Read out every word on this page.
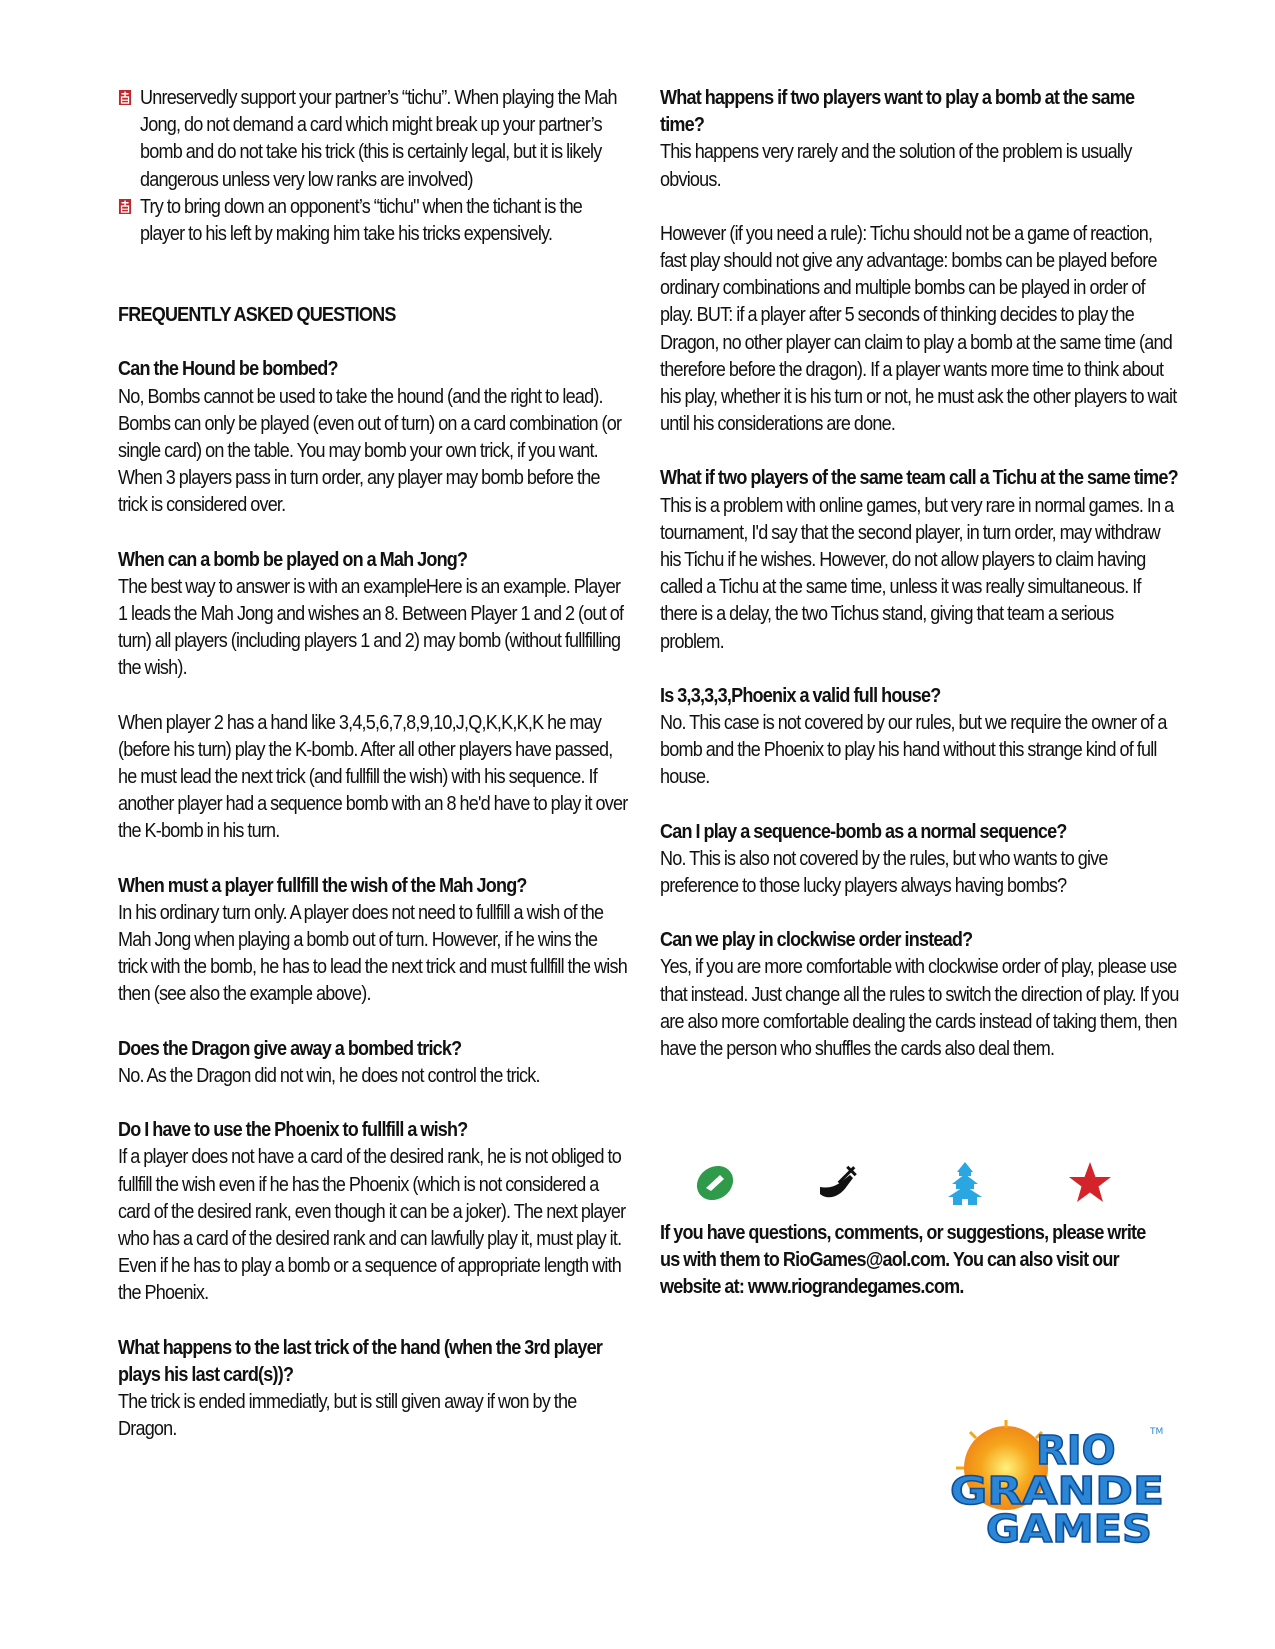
Unreservedly support your partner’s “tichu”. When playing the Mah Jong, do not demand a card which might break up your partner’s bomb and do not take his trick (this is certainly legal, but it is likely dangerous unless very low ranks are involved)

Try to bring down an opponent’s “tichu" when the tichant is the player to his left by making him take his tricks expensively.

FREQUENTLY ASKED QUESTIONS

Can the Hound be bombed?

No, Bombs cannot be used to take the hound (and the right to lead). Bombs can only be played (even out of turn) on a card combination (or single card) on the table. You may bomb your own trick, if you want. When 3 players pass in turn order, any player may bomb before the trick is considered over.

When can a bomb be played on a Mah Jong?

The best way to answer is with an exampleHere is an example. Player 1 leads the Mah Jong and wishes an 8. Between Player 1 and 2 (out of turn) all players (including players 1 and 2) may bomb (without fullfilling the wish).

When player 2 has a hand like 3,4,5,6,7,8,9,10,J,Q,K,K,K,K he may (before his turn) play the K-bomb. After all other players have passed, he must lead the next trick (and fullfill the wish) with his sequence. If another player had a sequence bomb with an 8 he'd have to play it over the K-bomb in his turn.

When must a player fullfill the wish of the Mah Jong?

In his ordinary turn only. A player does not need to fullfill a wish of the Mah Jong when playing a bomb out of turn. However, if he wins the trick with the bomb, he has to lead the next trick and must fullfill the wish then (see also the example above).

Does the Dragon give away a bombed trick?

No. As the Dragon did not win, he does not control the trick.

Do I have to use the Phoenix to fullfill a wish?

If a player does not have a card of the desired rank, he is not obliged to fullfill the wish even if he has the Phoenix (which is not considered a card of the desired rank, even though it can be a joker). The next player who has a card of the desired rank and can lawfully play it, must play it. Even if he has to play a bomb or a sequence of appropriate length with the Phoenix.

What happens to the last trick of the hand (when the 3rd player plays his last card(s))?

The trick is ended immediatly, but is still given away if won by the Dragon.

What happens if two players want to play a bomb at the same time?

This happens very rarely and the solution of the problem is usually obvious.

However (if you need a rule): Tichu should not be a game of reaction, fast play should not give any advantage: bombs can be played before ordinary combinations and multiple bombs can be played in order of play. BUT: if a player after 5 seconds of thinking decides to play the Dragon, no other player can claim to play a bomb at the same time (and therefore before the dragon). If a player wants more time to think about his play, whether it is his turn or not, he must ask the other players to wait until his considerations are done.

What if two players of the same team call a Tichu at the same time?

This is a problem with online games, but very rare in normal games. In a tournament, I'd say that the second player, in turn order, may withdraw his Tichu if he wishes. However, do not allow players to claim having called a Tichu at the same time, unless it was really simultaneous. If there is a delay, the two Tichus stand, giving that team a serious problem.

Is 3,3,3,3,Phoenix a valid full house?

No. This case is not covered by our rules, but we require the owner of a bomb and the Phoenix to play his hand without this strange kind of full house.

Can I play a sequence-bomb as a normal sequence?

No. This is also not covered by the rules, but who wants to give preference to those lucky players always having bombs?

Can we play in clockwise order instead?

Yes, if you are more comfortable with clockwise order of play, please use that instead. Just change all the rules to switch the direction of play. If you are also more comfortable dealing the cards instead of taking them, then have the person who shuffles the cards also deal them.

If you have questions, comments, or suggestions, please write us with them to RioGames@aol.com. You can also visit our website at: www.riograndegames.com.
RIO
GRANDE
GAMES
TM
